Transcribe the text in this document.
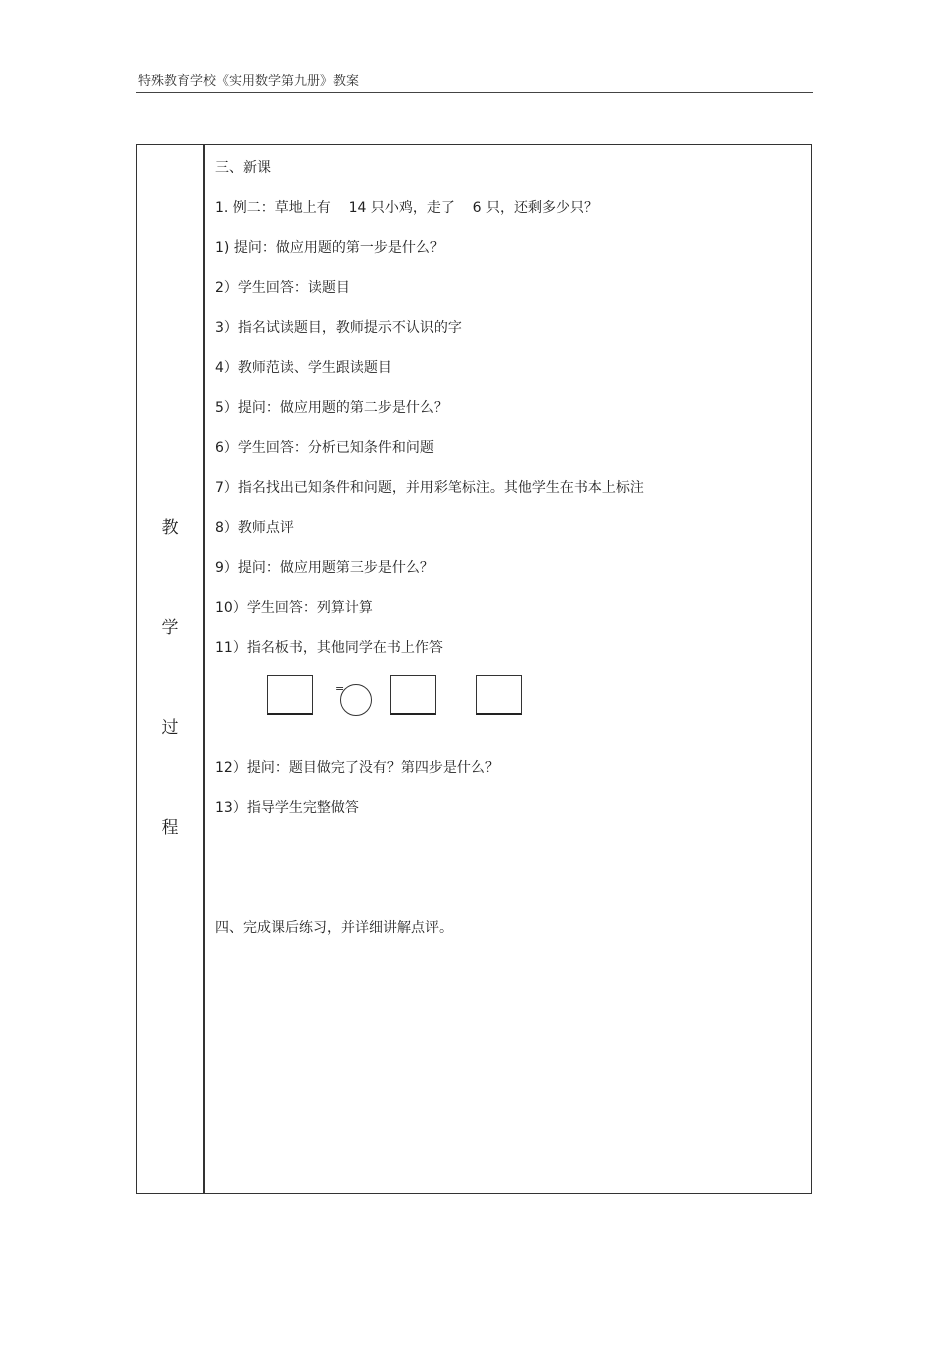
特殊教育学校《实用数学第九册》教案
教
学
过
程
三、新课
1. 例二：草地上有    14 只小鸡，走了    6 只，还剩多少只？
1) 提问：做应用题的第一步是什么？
2）学生回答：读题目
3）指名试读题目，教师提示不认识的字
4）教师范读、学生跟读题目
5）提问：做应用题的第二步是什么？
6）学生回答：分析已知条件和问题
7）指名找出已知条件和问题，并用彩笔标注。其他学生在书本上标注
8）教师点评
9）提问：做应用题第三步是什么？
10）学生回答：列算计算
11）指名板书，其他同学在书上作答
=
12）提问：题目做完了没有？第四步是什么？
13）指导学生完整做答
四、完成课后练习，并详细讲解点评。
